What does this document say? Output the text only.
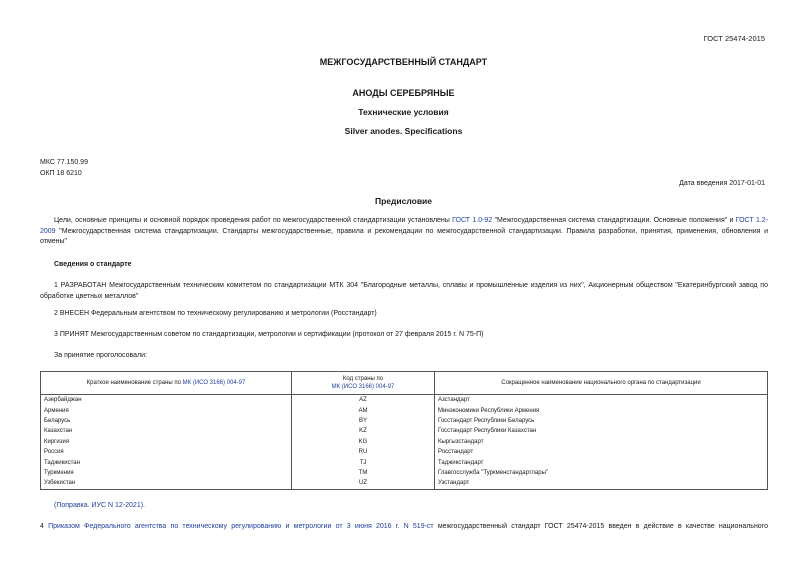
ГОСТ 25474-2015
МЕЖГОСУДАРСТВЕННЫЙ СТАНДАРТ
АНОДЫ СЕРЕБРЯНЫЕ
Технические условия
Silver anodes. Specifications
МКС 77.150.99
ОКП 18 6210
Дата введения 2017-01-01
Предисловие
Цели, основные принципы и основной порядок проведения работ по межгосударственной стандартизации установлены ГОСТ 1.0-92 "Межгосударственная система стандартизации. Основные положения" и ГОСТ 1.2-2009 "Межгосударственная система стандартизации. Стандарты межгосударственные, правила и рекомендации по межгосударственной стандартизации. Правила разработки, принятия, применения, обновления и отмены"
Сведения о стандарте
1 РАЗРАБОТАН Межгосударственным техническим комитетом по стандартизации МТК 304 "Благородные металлы, сплавы и промышленные изделия из них", Акционерным обществом "Екатеринбургский завод по обработке цветных металлов"
2 ВНЕСЕН Федеральным агентством по техническому регулированию и метрологии (Росстандарт)
3 ПРИНЯТ Межгосударственным советом по стандартизации, метрологии и сертификации (протокол от 27 февраля 2015 г. N 75-П)
За принятие проголосовали:
Краткое наименование страны по МК (ИСО 3166) 004-97	Код страны по
МК (ИСО 3166) 004-97	Сокращенное наименование национального органа по стандартизации
Азербайджан	AZ	Азстандарт
Армения	AM	Минэкономики Республики Армения
Беларусь	BY	Госстандарт Республики Беларусь
Казахстан	KZ	Госстандарт Республики Казахстан
Киргизия	KG	Кыргызстандарт
Россия	RU	Росстандарт
Таджикистан	TJ	Таджикстандарт
Туркмения	TM	Главгосслужба "Туркменстандартлары"
Узбекистан	UZ	Узстандарт
(Поправка. ИУС N 12-2021).
4 Приказом Федерального агентства по техническому регулированию и метрологии от 3 июня 2016 г. N 519-ст межгосударственный стандарт ГОСТ 25474-2015 введен в действие в качестве национального
